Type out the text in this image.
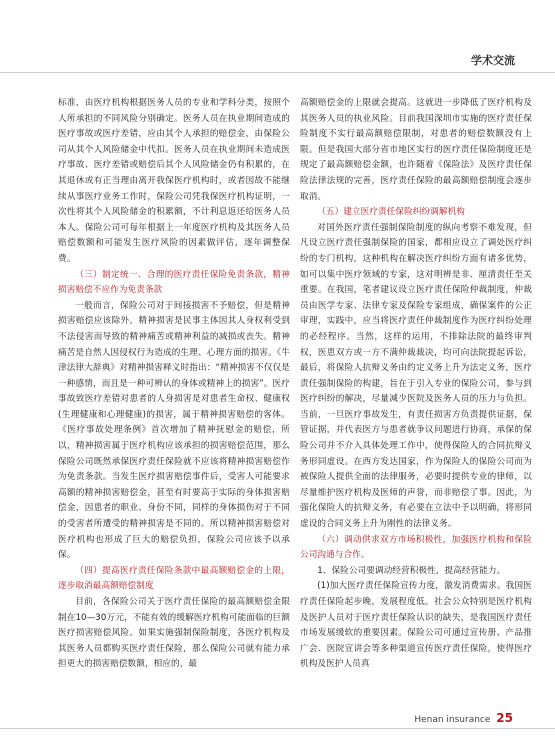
学术交流

标准，由医疗机构根据医务人员的专业和学科分类，按照个人所承担的不同风险分别确定。医务人员在执业期间造成的医疗事故或医疗差错，应由其个人承担的赔偿金，由保险公司从其个人风险储金中代扣。医务人员在执业期间未造成医疗事故、医疗差错或赔偿后其个人风险储金仍有积累的，在其退休或有正当理由离开我保医疗机构时，或者因故不能继续从事医疗业务工作时，保险公司凭我保医疗机构证明，一次性将其个人风险储金的积累额，不计利息返还给医务人员本人。保险公司可每年根据上一年度医疗机构及其医务人员赔偿数额和可能发生医疗风险的因素做评估，逐年调整保费。

（三）制定统一、合理的医疗责任保险免责条款，精神损害赔偿不应作为免责条款

一般而言，保险公司对于间接损害不予赔偿，但是精神损害赔偿应该除外。精神损害是民事主体因其人身权利受到不法侵害而导致的精神痛苦或精神利益的减损或丧失。精神痛苦是自然人因侵权行为造成的生理、心理方面的损害。《牛津法律大辞典》对精神损害释义时指出：“精神损害不仅仅是一种感情，而且是一种可辨认的身体或精神上的损害”。医疗事故致医疗差错对患者的人身损害是对患者生命权、健康权(生理健康和心理健康)的损害，属于精神损害赔偿的客体。《医疗事故处理条例》首次增加了精神抚慰金的赔偿，所以，精神损害属于医疗机构应该承担的损害赔偿范围，那么保险公司既然承保医疗责任保险就不应该将精神损害赔偿作为免责条款。当发生医疗损害赔偿事件后，受害人可能要求高额的精神损害赔偿金，甚至有时要高于实际的身体损害赔偿金，因患者的职业、身份不同，同样的身体损伤对于不同的受害者所遭受的精神损害是不同的。所以精神损害赔偿对医疗机构也形成了巨大的赔偿负担，保险公司应该予以承保。

（四）提高医疗责任保险条款中最高额赔偿金的上限，逐步取消最高额赔偿制度

目前，各保险公司关于医疗责任保险的最高额赔偿金限制在10—30万元，不能有效的缓解医疗机构可能面临的巨额医疗损害赔偿风险。如果实施强制保险制度，各医疗机构及其医务人员都购买医疗责任保险，那么保险公司就有能力承担更大的损害赔偿数额，相应的，最

高额赔偿金的上限就会提高。这就进一步降低了医疗机构及其医务人员的执业风险。目前我国深圳市实施的医疗责任保险制度不实行最高额赔偿限制，对患者的赔偿数额没有上限。但是我国大部分省市地区实行的医疗责任保险制度还是规定了最高额赔偿金额，也许随着《保险法》及医疗责任保险法律法规的完善，医疗责任保险的最高额赔偿制度会逐步取消。

（五）建立医疗责任保险纠纷调解机构

对国外医疗责任强制保险制度的纵向考察不难发现，但凡设立医疗责任强制保险的国家，都相应设立了调处医疗纠纷的专门机构，这种机构在解决医疗纠纷方面有诸多优势，如可以集中医疗领域的专家，这对明辨是非、厘清责任至关重要。在我国，笔者建议设立医疗责任保险仲裁制度，仲裁员由医学专家、法律专家及保险专家组成，确保案件的公正审理，实践中，应当将医疗责任仲裁制度作为医疗纠纷处理的必经程序。当然，这样的运用，不排除法院的最终审判权，医患双方或一方不满仲裁裁决，均可向法院提起诉讼，最后，将保险人抗辩义务由约定义务上升为法定义务，医疗责任强制保险的构建，旨在于引入专业的保险公司，参与到医疗纠纷的解决，尽量减少医院及医务人员的压力与负担。当前，一旦医疗事故发生，有责任损害方负责提供证据，保管证据，并代表医方与患者就争议问题进行协商，承保的保险公司并不介入具体处理工作中，使得保险人的合同抗辩义务形同虚设。在西方发达国家，作为保险人的保险公司而为被保险人提供全面的法律服务，必要时提供专业的律师，以尽量维护医疗机构及医师的声誉，而非赔偿了事。因此，为强化保险人的抗辩义务，有必要在立法中予以明确，将形同虚设的合同义务上升为刚性的法律义务。

（六）调动供求双方市场积极性，加强医疗机构和保险公司沟通与合作。

1、保险公司要调动经营积极性，提高经营能力。

(1)加大医疗责任保险宣传力度，激发消费需求。我国医疗责任保险起步晚，发展程度低。社会公众特别是医疗机构及医护人员对于医疗责任保险认识的缺失，是我国医疗责任市场发展缓软的重要因素。保险公司可通过宣传册、产品推广会、医院宣讲会等多种渠道宣传医疗责任保险，使得医疗机构及医护人员真

Henan insurance 25
